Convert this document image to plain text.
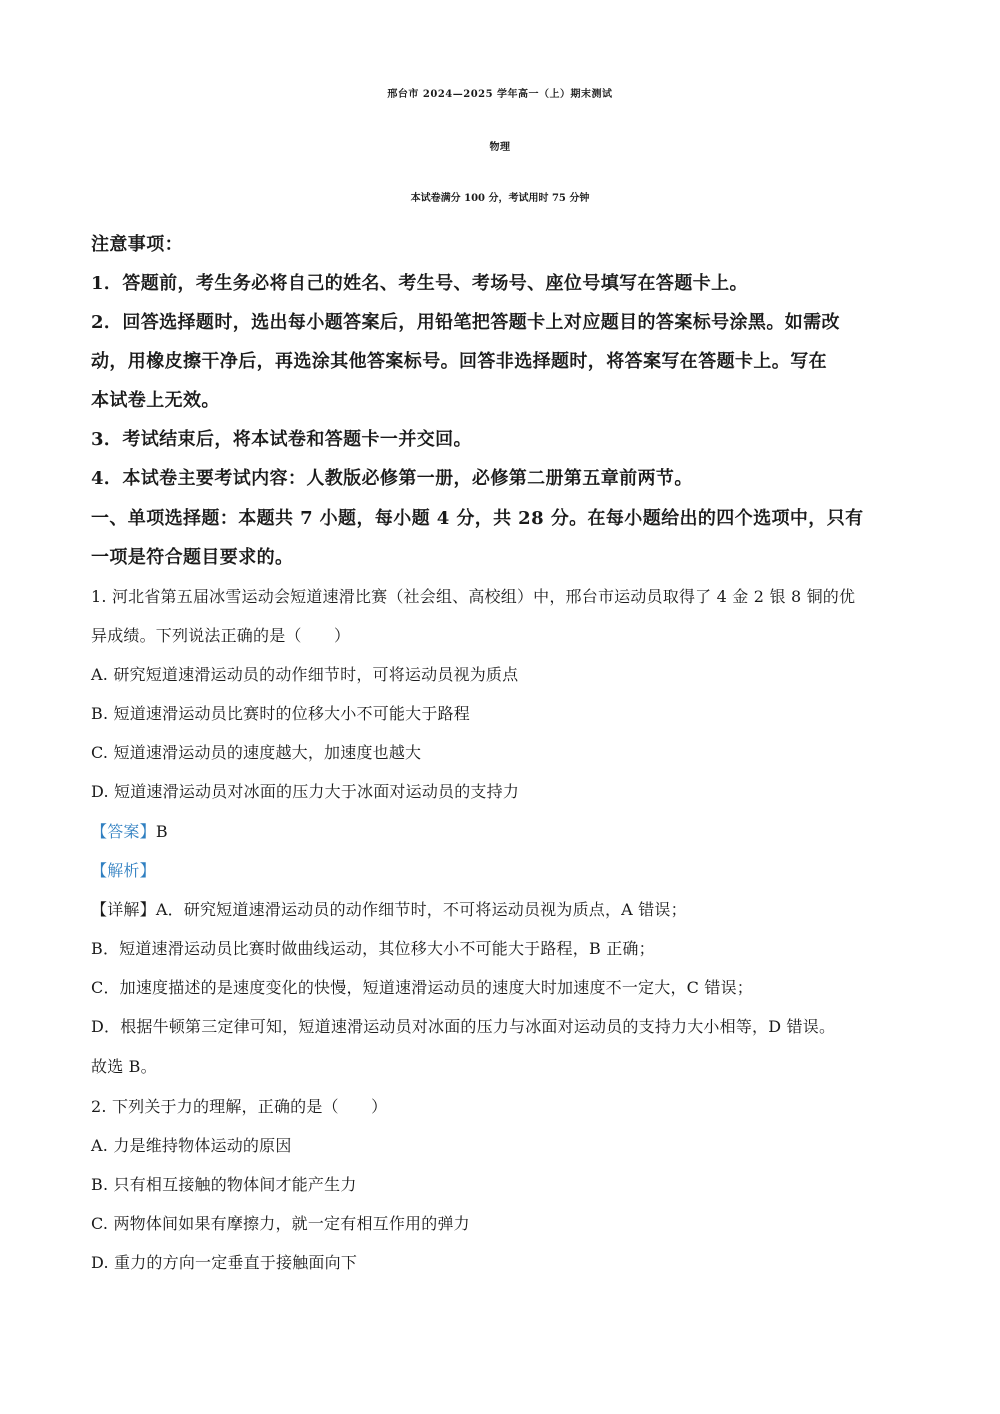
邢台市 2024—2025 学年高一（上）期末测试
物理
本试卷满分 100 分，考试用时 75 分钟
注意事项：
1．答题前，考生务必将自己的姓名、考生号、考场号、座位号填写在答题卡上。
2．回答选择题时，选出每小题答案后，用铅笔把答题卡上对应题目的答案标号涂黑。如需改
动，用橡皮擦干净后，再选涂其他答案标号。回答非选择题时，将答案写在答题卡上。写在
本试卷上无效。
3．考试结束后，将本试卷和答题卡一并交回。
4．本试卷主要考试内容：人教版必修第一册，必修第二册第五章前两节。
一、单项选择题：本题共 7 小题，每小题 4 分，共 28 分。在每小题给出的四个选项中，只有
一项是符合题目要求的。
1. 河北省第五届冰雪运动会短道速滑比赛（社会组、高校组）中，邢台市运动员取得了 4 金 2 银 8 铜的优
异成绩。下列说法正确的是（　　）
A. 研究短道速滑运动员的动作细节时，可将运动员视为质点
B. 短道速滑运动员比赛时的位移大小不可能大于路程
C. 短道速滑运动员的速度越大，加速度也越大
D. 短道速滑运动员对冰面的压力大于冰面对运动员的支持力
【答案】B
【解析】
【详解】A．研究短道速滑运动员的动作细节时，不可将运动员视为质点，A 错误；
B．短道速滑运动员比赛时做曲线运动，其位移大小不可能大于路程，B 正确；
C．加速度描述的是速度变化的快慢，短道速滑运动员的速度大时加速度不一定大，C 错误；
D．根据牛顿第三定律可知，短道速滑运动员对冰面的压力与冰面对运动员的支持力大小相等，D 错误。
故选 B。
2. 下列关于力的理解，正确的是（　　）
A. 力是维持物体运动的原因
B. 只有相互接触的物体间才能产生力
C. 两物体间如果有摩擦力，就一定有相互作用的弹力
D. 重力的方向一定垂直于接触面向下
